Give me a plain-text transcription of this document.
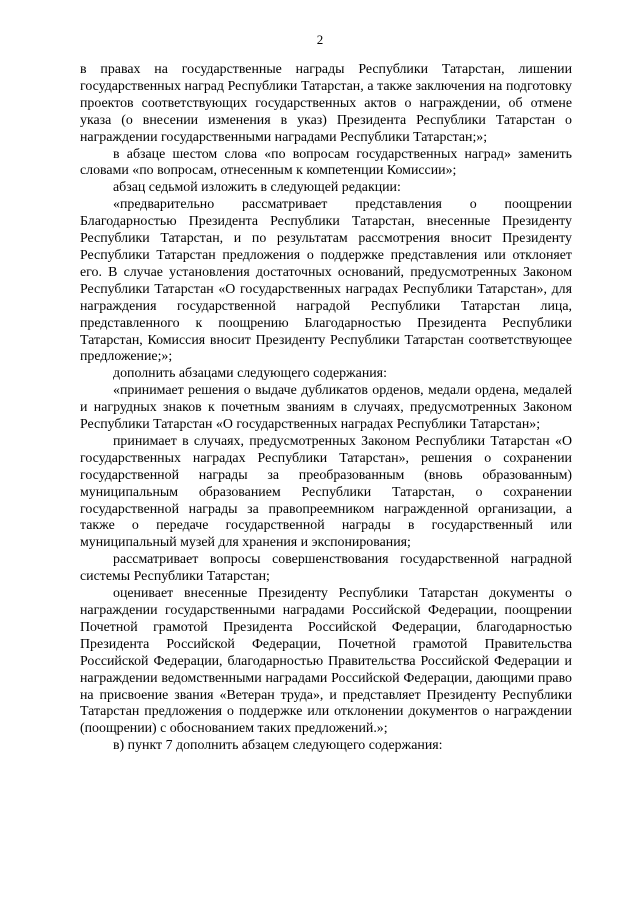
2

в правах на государственные награды Республики Татарстан, лишении государственных наград Республики Татарстан, а также заключения на подготовку проектов соответствующих государственных актов о награждении, об отмене указа (о внесении изменения в указ) Президента Республики Татарстан о награждении государственными наградами Республики Татарстан;»;

в абзаце шестом слова «по вопросам государственных наград» заменить словами «по вопросам, отнесенным к компетенции Комиссии»;

абзац седьмой изложить в следующей редакции:

«предварительно рассматривает представления о поощрении Благодарностью Президента Республики Татарстан, внесенные Президенту Республики Татарстан, и по результатам рассмотрения вносит Президенту Республики Татарстан предложения о поддержке представления или отклоняет его. В случае установления достаточных оснований, предусмотренных Законом Республики Татарстан «О государственных наградах Республики Татарстан», для награждения государственной наградой Республики Татарстан лица, представленного к поощрению Благодарностью Президента Республики Татарстан, Комиссия вносит Президенту Республики Татарстан соответствующее предложение;»;

дополнить абзацами следующего содержания:

«принимает решения о выдаче дубликатов орденов, медали ордена, медалей и нагрудных знаков к почетным званиям в случаях, предусмотренных Законом Республики Татарстан «О государственных наградах Республики Татарстан»;

принимает в случаях, предусмотренных Законом Республики Татарстан «О государственных наградах Республики Татарстан», решения о сохранении государственной награды за преобразованным (вновь образованным) муниципальным образованием Республики Татарстан, о сохранении государственной награды за правопреемником награжденной организации, а также о передаче государственной награды в государственный или муниципальный музей для хранения и экспонирования;

рассматривает вопросы совершенствования государственной наградной системы Республики Татарстан;

оценивает внесенные Президенту Республики Татарстан документы о награждении государственными наградами Российской Федерации, поощрении Почетной грамотой Президента Российской Федерации, благодарностью Президента Российской Федерации, Почетной грамотой Правительства Российской Федерации, благодарностью Правительства Российской Федерации и награждении ведомственными наградами Российской Федерации, дающими право на присвоение звания «Ветеран труда», и представляет Президенту Республики Татарстан предложения о поддержке или отклонении документов о награждении (поощрении) с обоснованием таких предложений.»;

в) пункт 7 дополнить абзацем следующего содержания:
